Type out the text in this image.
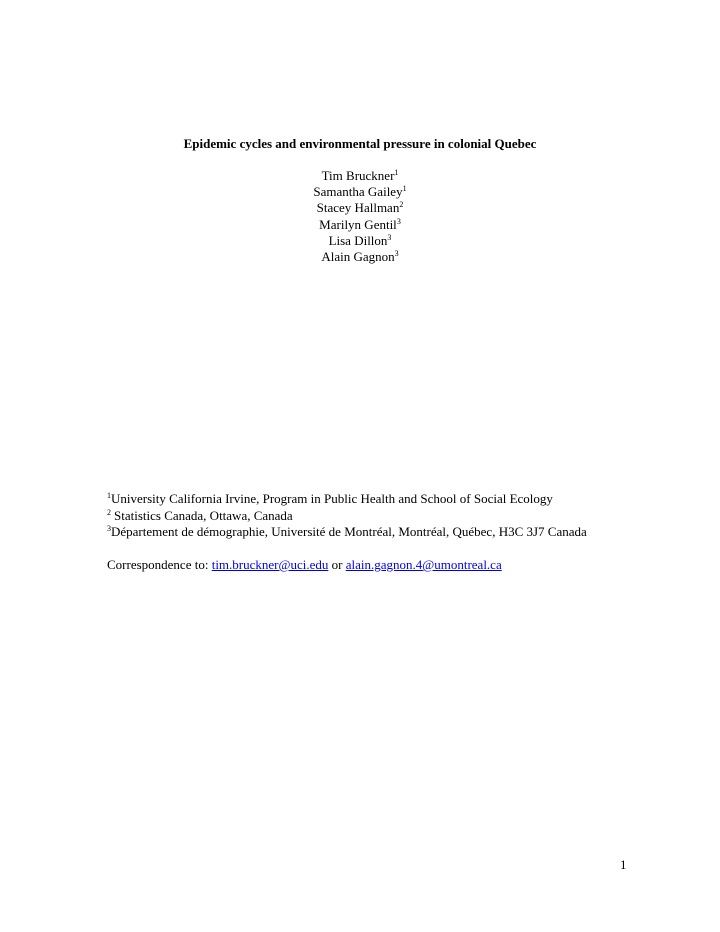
Epidemic cycles and environmental pressure in colonial Quebec
Tim Bruckner$^1$
Samantha Gailey$^1$
Stacey Hallman$^2$
Marilyn Gentil$^3$
Lisa Dillon$^3$
Alain Gagnon$^3$
$^1$University California Irvine, Program in Public Health and School of Social Ecology
$^2$ Statistics Canada, Ottawa, Canada
$^3$Département de démographie, Université de Montréal, Montréal, Québec, H3C 3J7 Canada
Correspondence to: tim.bruckner@uci.edu or alain.gagnon.4@umontreal.ca
1
